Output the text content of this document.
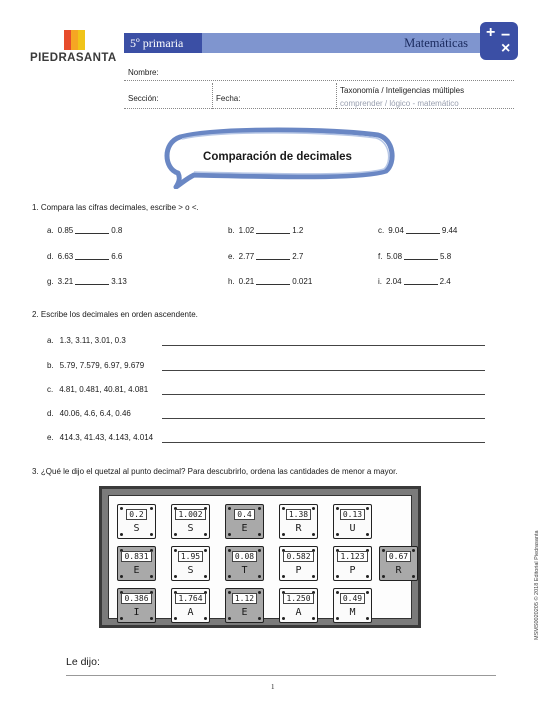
PIEDRASANTA
5º primaria	Matemáticas
+ −
×
Nombre:
Sección:	Fecha:
Taxonomía / Inteligencias múltiples
comprender / lógico - matemático
Comparación de decimales
1. Compara las cifras decimales, escribe > o <.
a. 0.85	0.8	b. 1.02	1.2	c. 9.04	9.44
d. 6.63	6.6	e. 2.77	2.7	f. 5.08	5.8
g. 3.21	3.13	h. 0.21	0.021	i. 2.04	2.4
2. Escribe los decimales en orden ascendente.
a. 1.3, 3.11, 3.01, 0.3
b. 5.79, 7.579, 6.97, 9.679
c. 4.81, 0.481, 40.81, 4.081
d. 40.06, 4.6, 6.4, 0.46
e. 414.3, 41.43, 4.143, 4.014
3. ¿Qué le dijo el quetzal al punto decimal? Para descubrirlo, ordena las cantidades de menor a mayor.
0.2
S
1.002
S
0.4
E
1.38
R
0.13
U
0.831
E
1.95
S
0.08
T
0.582
P
1.123
P
0.67
R
0.386
I
1.764
A
1.12
E
1.250
A
0.49
M
Le dijo:
1
MSMS0020205 © 2018 Editorial Piedrasanta
